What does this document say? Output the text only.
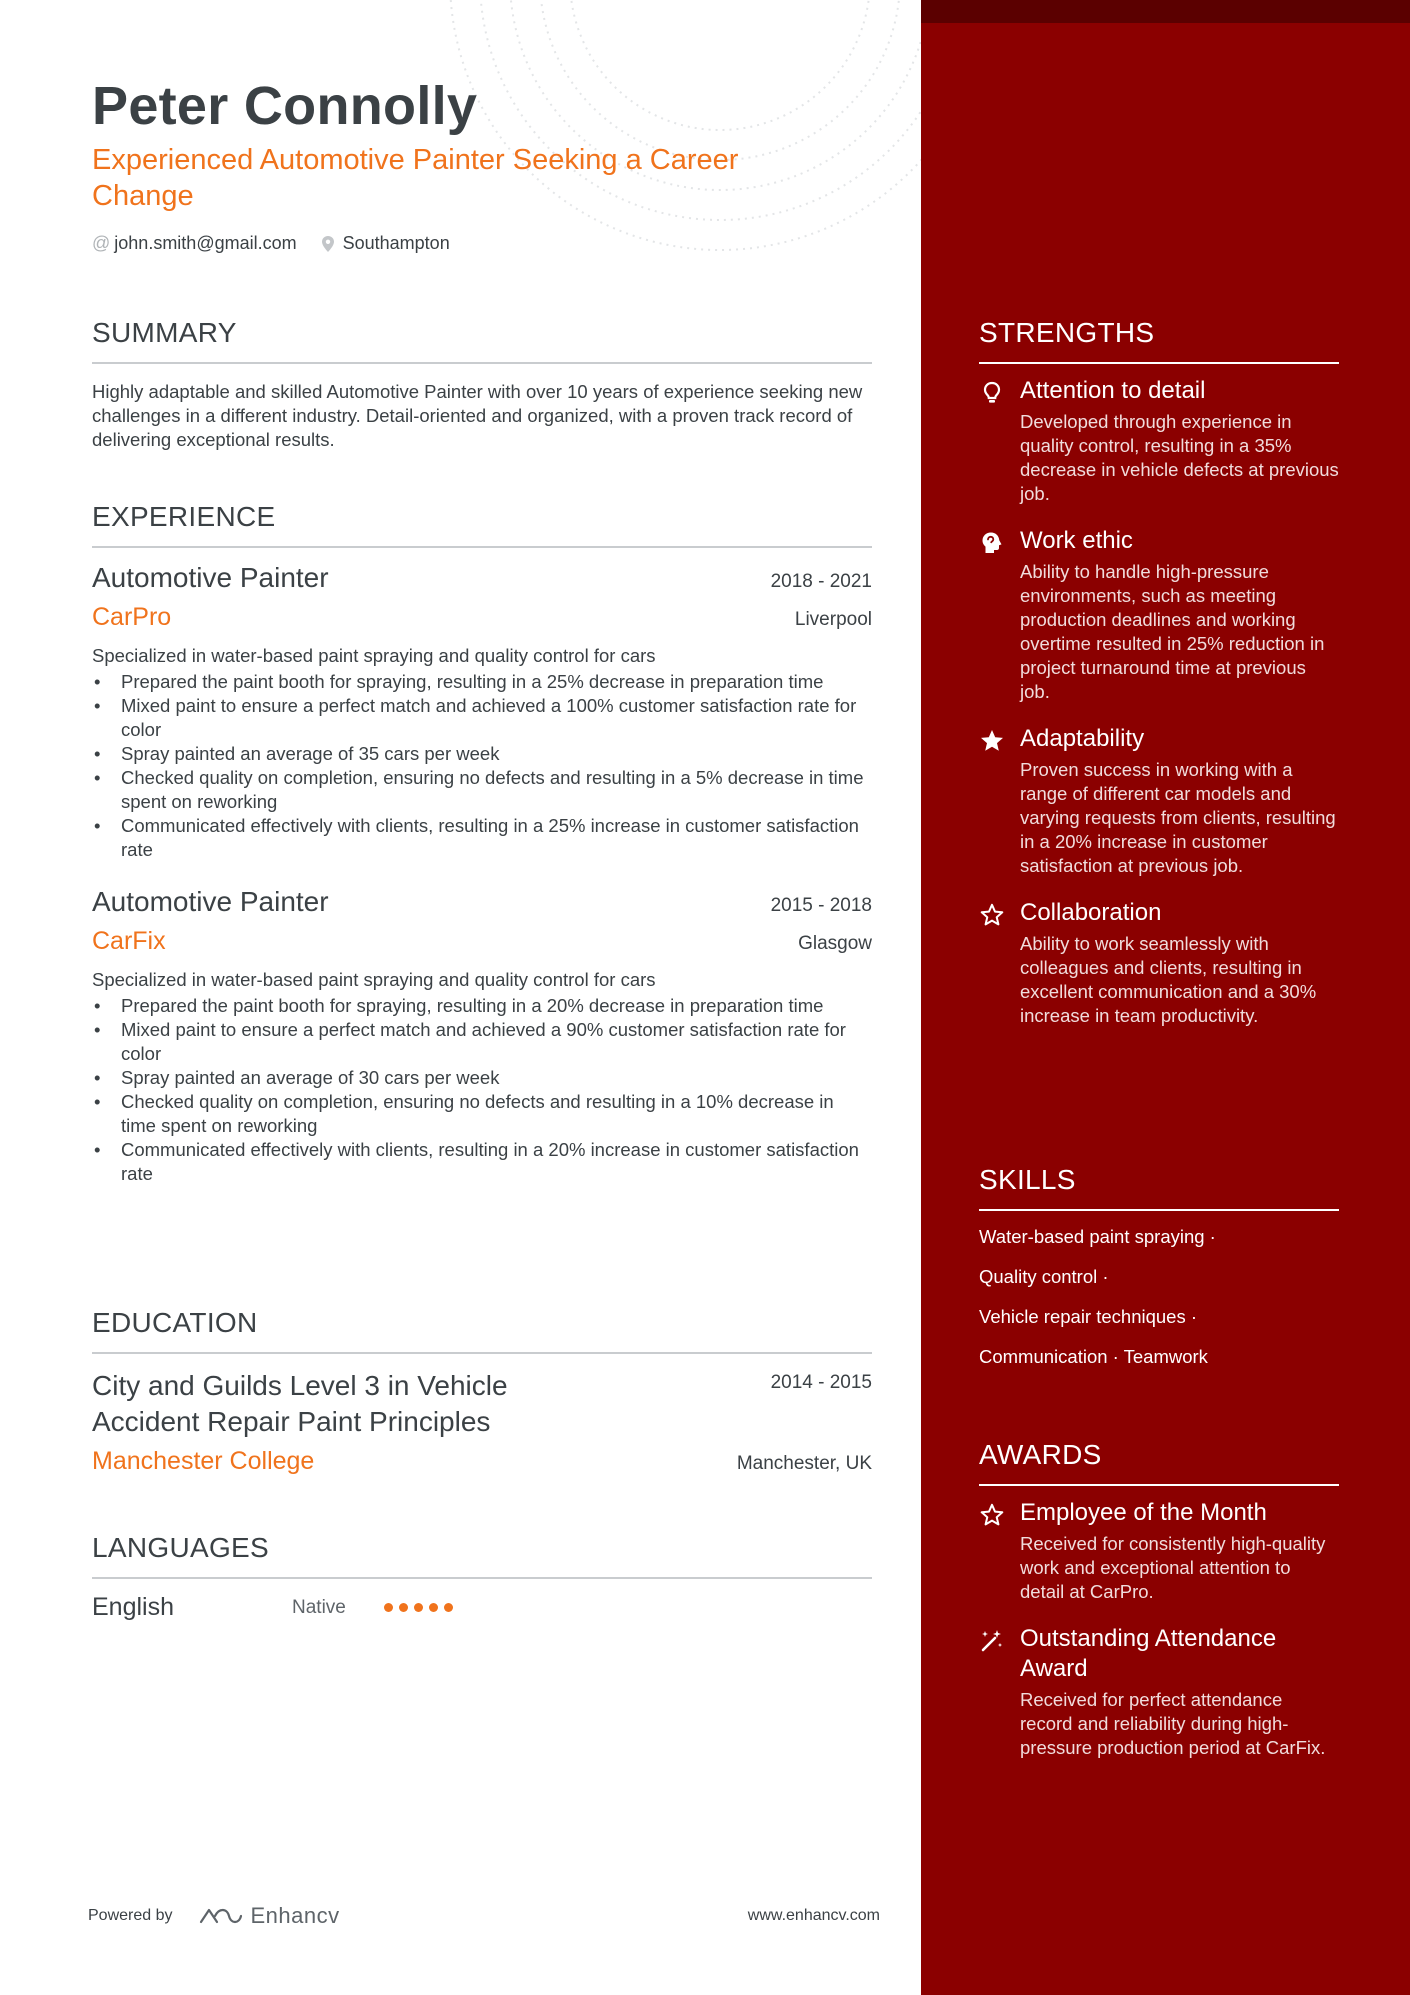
Peter Connolly
Experienced Automotive Painter Seeking a Career Change
@ john.smith@gmail.com	Southampton
SUMMARY
Highly adaptable and skilled Automotive Painter with over 10 years of experience seeking new challenges in a different industry. Detail-oriented and organized, with a proven track record of delivering exceptional results.
EXPERIENCE
Automotive Painter	2018 - 2021
CarPro	Liverpool
Specialized in water-based paint spraying and quality control for cars
• Prepared the paint booth for spraying, resulting in a 25% decrease in preparation time
• Mixed paint to ensure a perfect match and achieved a 100% customer satisfaction rate for color
• Spray painted an average of 35 cars per week
• Checked quality on completion, ensuring no defects and resulting in a 5% decrease in time spent on reworking
• Communicated effectively with clients, resulting in a 25% increase in customer satisfaction rate
Automotive Painter	2015 - 2018
CarFix	Glasgow
Specialized in water-based paint spraying and quality control for cars
• Prepared the paint booth for spraying, resulting in a 20% decrease in preparation time
• Mixed paint to ensure a perfect match and achieved a 90% customer satisfaction rate for color
• Spray painted an average of 30 cars per week
• Checked quality on completion, ensuring no defects and resulting in a 10% decrease in time spent on reworking
• Communicated effectively with clients, resulting in a 20% increase in customer satisfaction rate
EDUCATION
City and Guilds Level 3 in Vehicle Accident Repair Paint Principles
2014 - 2015
Manchester College	Manchester, UK
LANGUAGES
English	Native
Powered by	Enhancv	www.enhancv.com
STRENGTHS
Attention to detail
Developed through experience in quality control, resulting in a 35% decrease in vehicle defects at previous job.
Work ethic
Ability to handle high-pressure environments, such as meeting production deadlines and working overtime resulted in 25% reduction in project turnaround time at previous job.
Adaptability
Proven success in working with a range of different car models and varying requests from clients, resulting in a 20% increase in customer satisfaction at previous job.
Collaboration
Ability to work seamlessly with colleagues and clients, resulting in excellent communication and a 30% increase in team productivity.
SKILLS
Water-based paint spraying ·
Quality control ·
Vehicle repair techniques ·
Communication · Teamwork
AWARDS
Employee of the Month
Received for consistently high-quality work and exceptional attention to detail at CarPro.
Outstanding Attendance Award
Received for perfect attendance record and reliability during high-pressure production period at CarFix.
